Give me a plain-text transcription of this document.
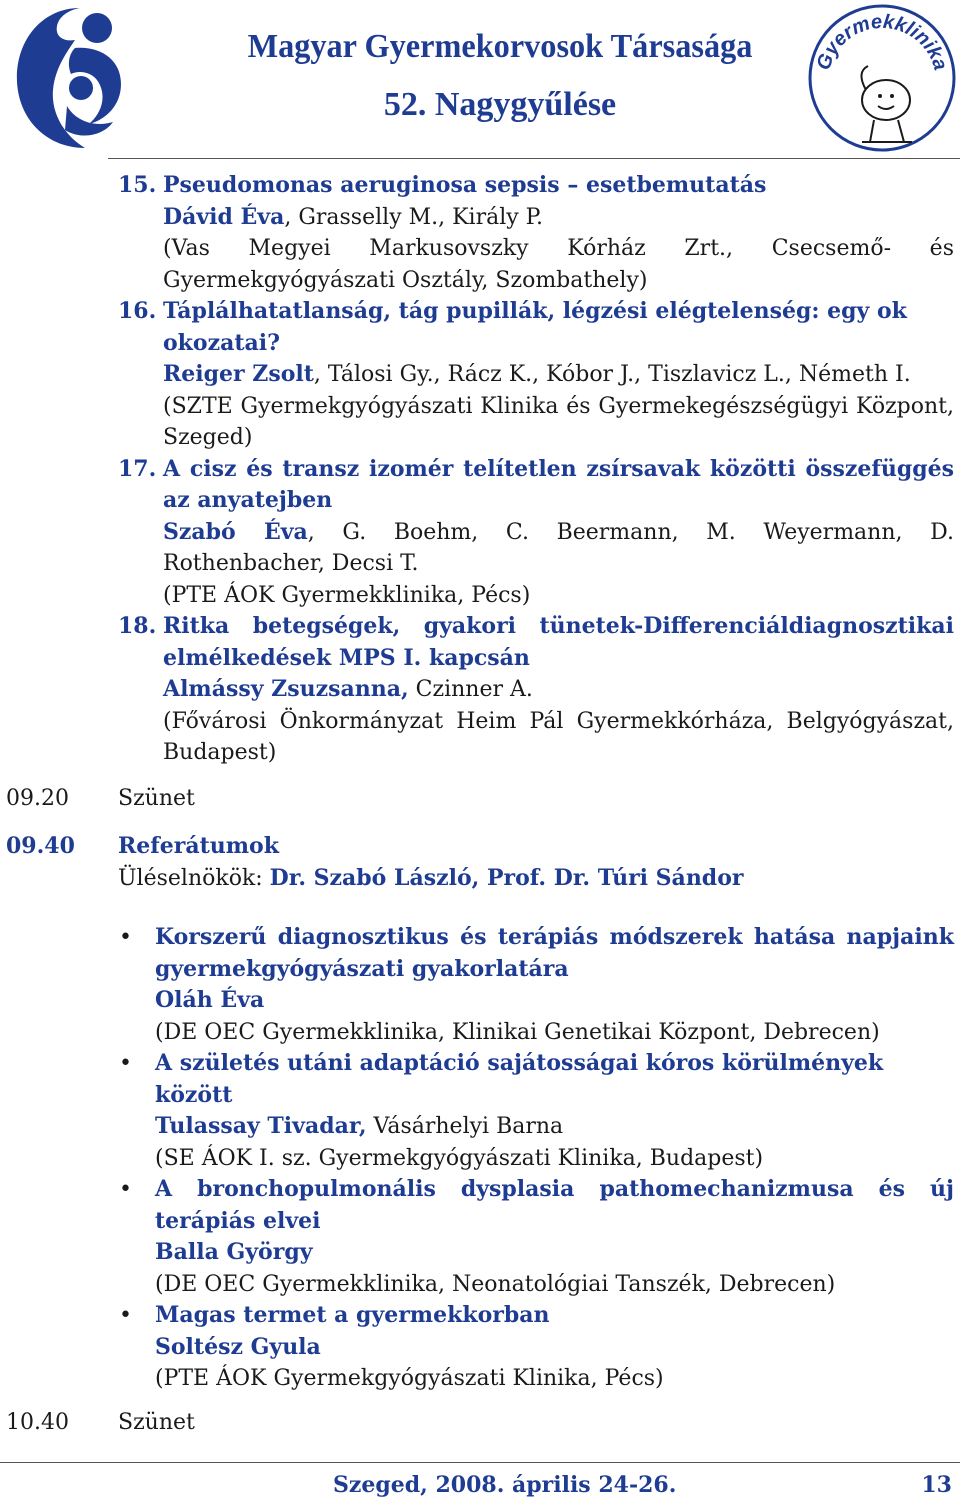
Magyar Gyermekorvosok Társasága
52. Nagygyűlése
Gyermekklinika
15. Pseudomonas aeruginosa sepsis – esetbemutatás
Dávid Éva, Grasselly M., Király P.
(Vas Megyei Markusovszky Kórház Zrt., Csecsemő- és Gyermekgyógyászati Osztály, Szombathely)
16. Táplálhatatlanság, tág pupillák, légzési elégtelenség: egy ok okozatai?
Reiger Zsolt, Tálosi Gy., Rácz K., Kóbor J., Tiszlavicz L., Németh I.
(SZTE Gyermekgyógyászati Klinika és Gyermekegészségügyi Központ, Szeged)
17. A cisz és transz izomér telítetlen zsírsavak közötti összefüggés az anyatejben
Szabó Éva, G. Boehm, C. Beermann, M. Weyermann, D. Rothenbacher, Decsi T.
(PTE ÁOK Gyermekklinika, Pécs)
18. Ritka betegségek, gyakori tünetek-Differenciáldiagnosztikai elmélkedések MPS I. kapcsán
Almássy Zsuzsanna, Czinner A.
(Fővárosi Önkormányzat Heim Pál Gyermekkórháza, Belgyógyászat, Budapest)
09.20 Szünet
09.40 Referátumok
Üléselnökök: Dr. Szabó László, Prof. Dr. Túri Sándor
• Korszerű diagnosztikus és terápiás módszerek hatása napjaink gyermekgyógyászati gyakorlatára
Oláh Éva
(DE OEC Gyermekklinika, Klinikai Genetikai Központ, Debrecen)
• A születés utáni adaptáció sajátosságai kóros körülmények között
Tulassay Tivadar, Vásárhelyi Barna
(SE ÁOK I. sz. Gyermekgyógyászati Klinika, Budapest)
• A bronchopulmonális dysplasia pathomechanizmusa és új terápiás elvei
Balla György
(DE OEC Gyermekklinika, Neonatológiai Tanszék, Debrecen)
• Magas termet a gyermekkorban
Soltész Gyula
(PTE ÁOK Gyermekgyógyászati Klinika, Pécs)
10.40 Szünet
Szeged, 2008. április 24-26.	13
